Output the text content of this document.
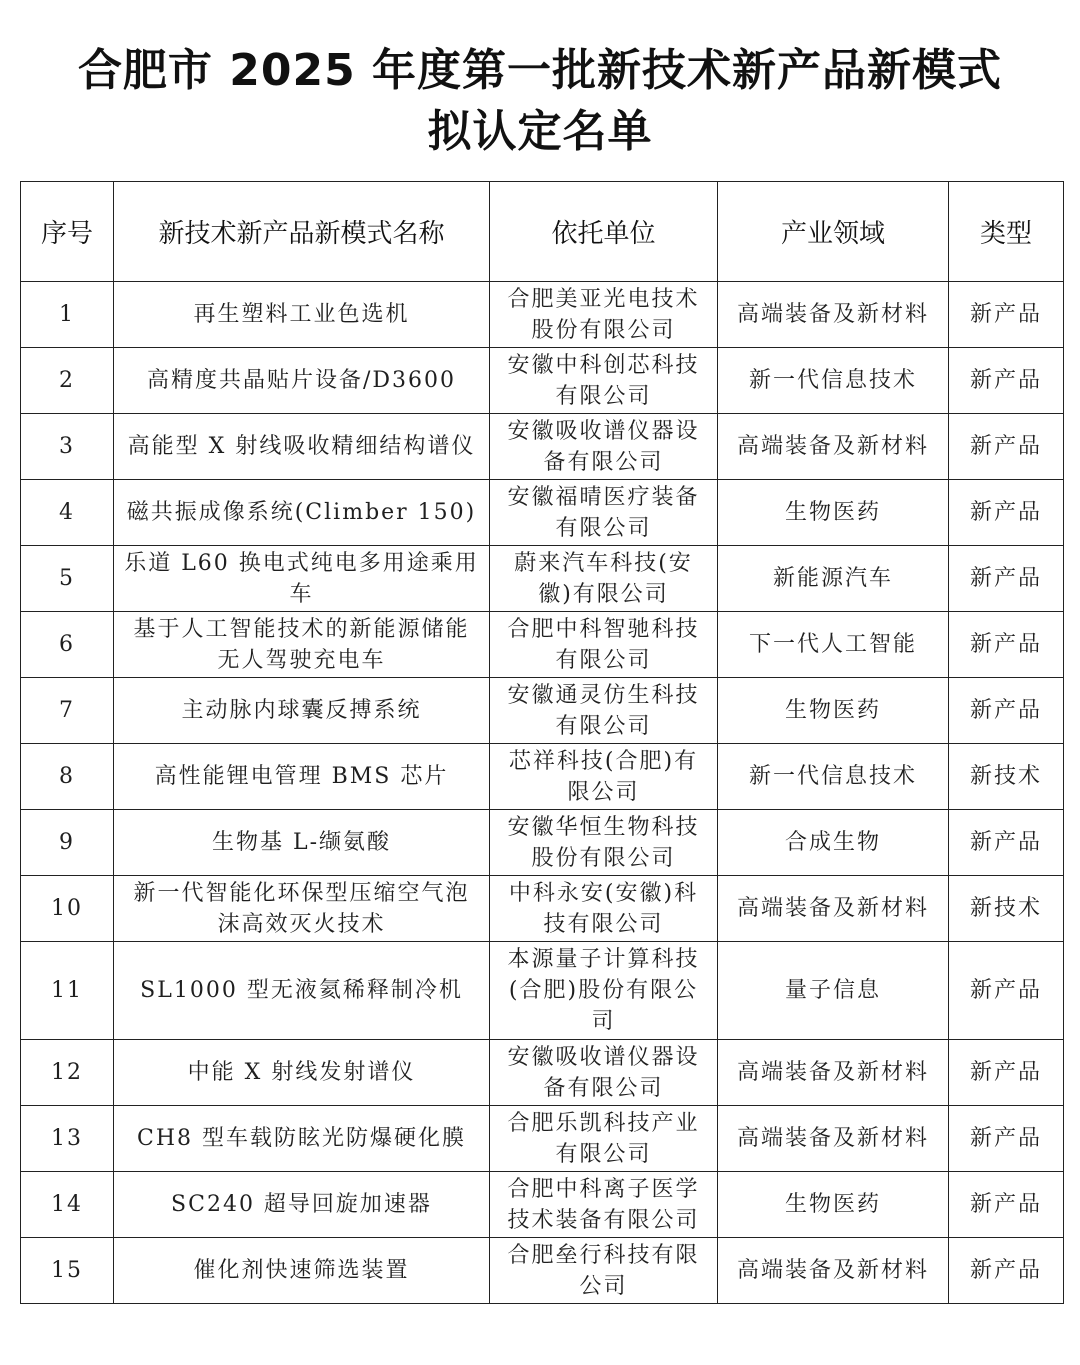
合肥市 2025 年度第一批新技术新产品新模式
拟认定名单
序号	新技术新产品新模式名称	依托单位	产业领域	类型
1	再生塑料工业色选机	合肥美亚光电技术股份有限公司	高端装备及新材料	新产品
2	高精度共晶贴片设备/D3600	安徽中科创芯科技有限公司	新一代信息技术	新产品
3	高能型 X 射线吸收精细结构谱仪	安徽吸收谱仪器设备有限公司	高端装备及新材料	新产品
4	磁共振成像系统(Climber 150)	安徽福晴医疗装备有限公司	生物医药	新产品
5	乐道 L60 换电式纯电多用途乘用车	蔚来汽车科技(安徽)有限公司	新能源汽车	新产品
6	基于人工智能技术的新能源储能无人驾驶充电车	合肥中科智驰科技有限公司	下一代人工智能	新产品
7	主动脉内球囊反搏系统	安徽通灵仿生科技有限公司	生物医药	新产品
8	高性能锂电管理 BMS 芯片	芯祥科技(合肥)有限公司	新一代信息技术	新技术
9	生物基 L-缬氨酸	安徽华恒生物科技股份有限公司	合成生物	新产品
10	新一代智能化环保型压缩空气泡沫高效灭火技术	中科永安(安徽)科技有限公司	高端装备及新材料	新技术
11	SL1000 型无液氦稀释制冷机	本源量子计算科技(合肥)股份有限公司	量子信息	新产品
12	中能 X 射线发射谱仪	安徽吸收谱仪器设备有限公司	高端装备及新材料	新产品
13	CH8 型车载防眩光防爆硬化膜	合肥乐凯科技产业有限公司	高端装备及新材料	新产品
14	SC240 超导回旋加速器	合肥中科离子医学技术装备有限公司	生物医药	新产品
15	催化剂快速筛选装置	合肥垒行科技有限公司	高端装备及新材料	新产品
